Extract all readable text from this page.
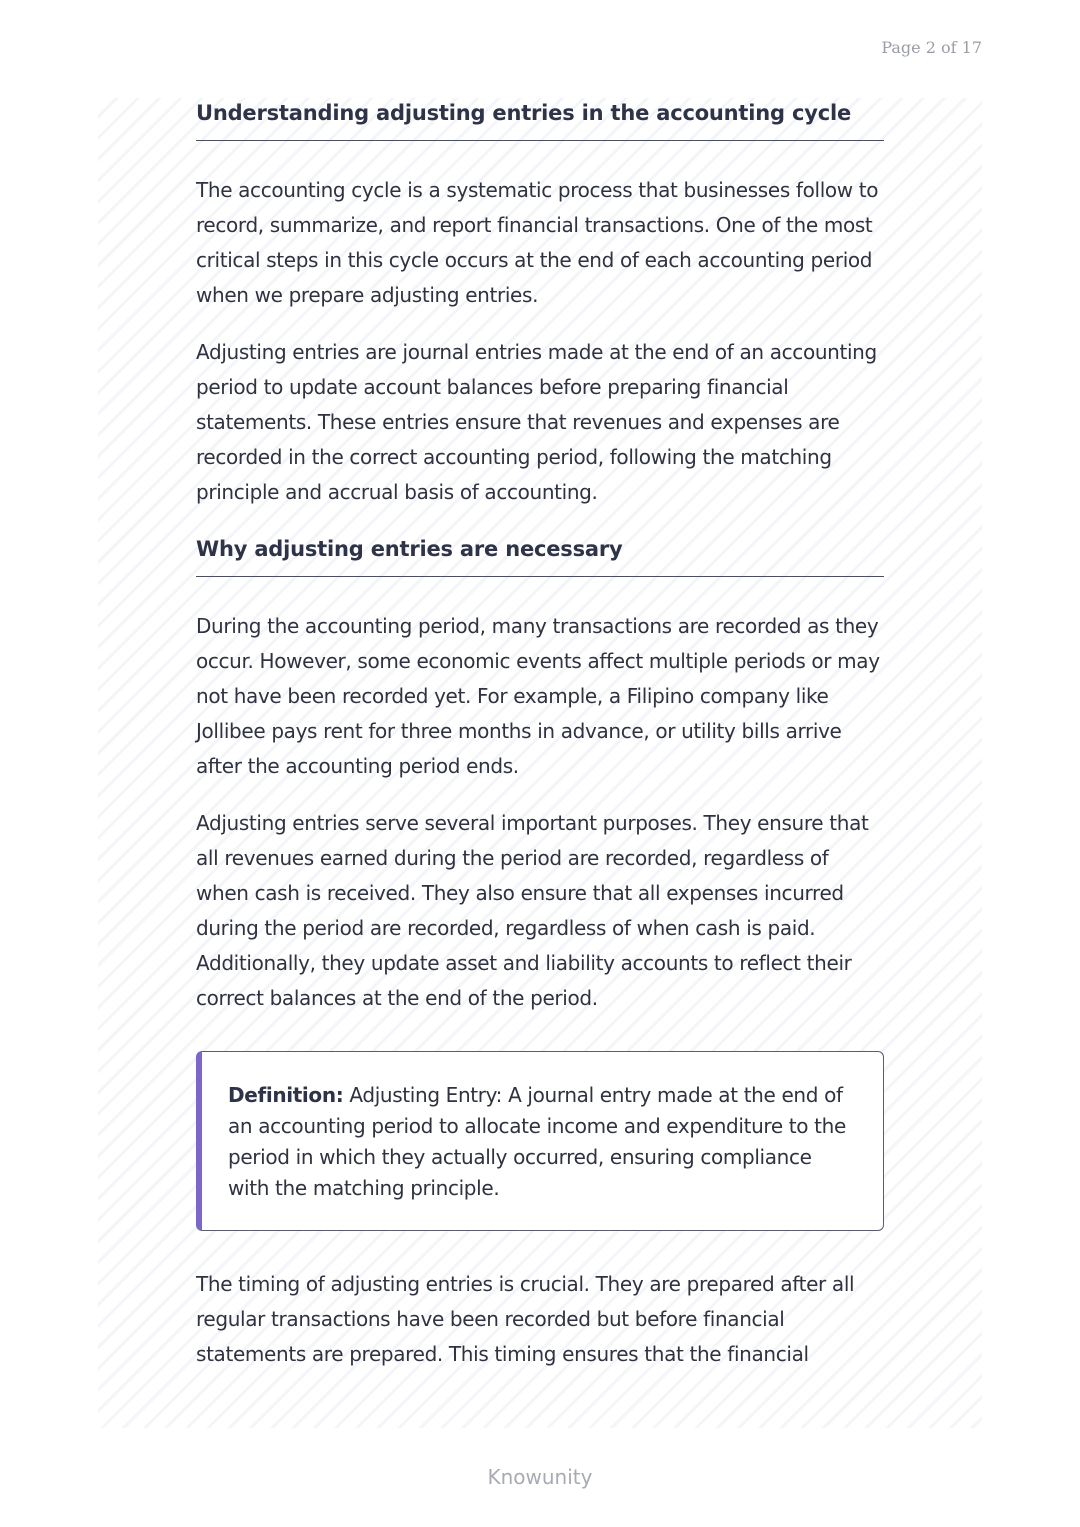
Page 2 of 17
Understanding adjusting entries in the accounting cycle

The accounting cycle is a systematic process that businesses follow to record, summarize, and report financial transactions. One of the most critical steps in this cycle occurs at the end of each accounting period when we prepare adjusting entries.

Adjusting entries are journal entries made at the end of an accounting period to update account balances before preparing financial statements. These entries ensure that revenues and expenses are recorded in the correct accounting period, following the matching principle and accrual basis of accounting.

Why adjusting entries are necessary

During the accounting period, many transactions are recorded as they occur. However, some economic events affect multiple periods or may not have been recorded yet. For example, a Filipino company like Jollibee pays rent for three months in advance, or utility bills arrive after the accounting period ends.

Adjusting entries serve several important purposes. They ensure that all revenues earned during the period are recorded, regardless of when cash is received. They also ensure that all expenses incurred during the period are recorded, regardless of when cash is paid. Additionally, they update asset and liability accounts to reflect their correct balances at the end of the period.

Definition: Adjusting Entry: A journal entry made at the end of an accounting period to allocate income and expenditure to the period in which they actually occurred, ensuring compliance with the matching principle.

The timing of adjusting entries is crucial. They are prepared after all regular transactions have been recorded but before financial statements are prepared. This timing ensures that the financial

Knowunity
